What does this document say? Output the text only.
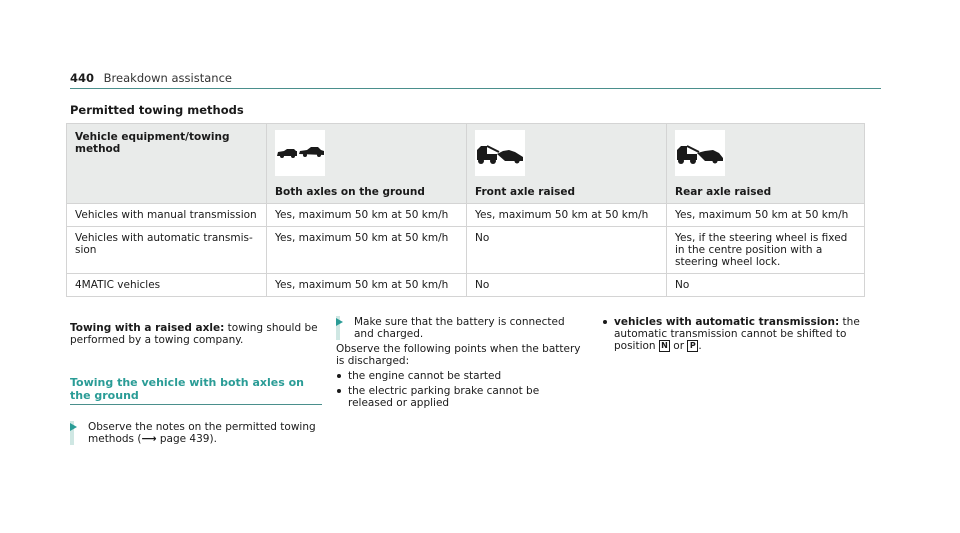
440 Breakdown assistance
Permitted towing methods
Vehicle equipment/towing method	Both axles on the ground	Front axle raised	Rear axle raised
Vehicles with manual transmission	Yes, maximum 50 km at 50 km/h	Yes, maximum 50 km at 50 km/h	Yes, maximum 50 km at 50 km/h
Vehicles with automatic transmis-sion	Yes, maximum 50 km at 50 km/h	No	Yes, if the steering wheel is fixed in the centre position with a steering wheel lock.
4MATIC vehicles	Yes, maximum 50 km at 50 km/h	No	No
Towing with a raised axle: towing should be performed by a towing company.
Towing the vehicle with both axles on the ground
Observe the notes on the permitted towing methods (⟶ page 439).
Make sure that the battery is connected and charged.
Observe the following points when the battery is discharged:
the engine cannot be started
the electric parking brake cannot be released or applied
vehicles with automatic transmission: the automatic transmission cannot be shifted to position N or P .
